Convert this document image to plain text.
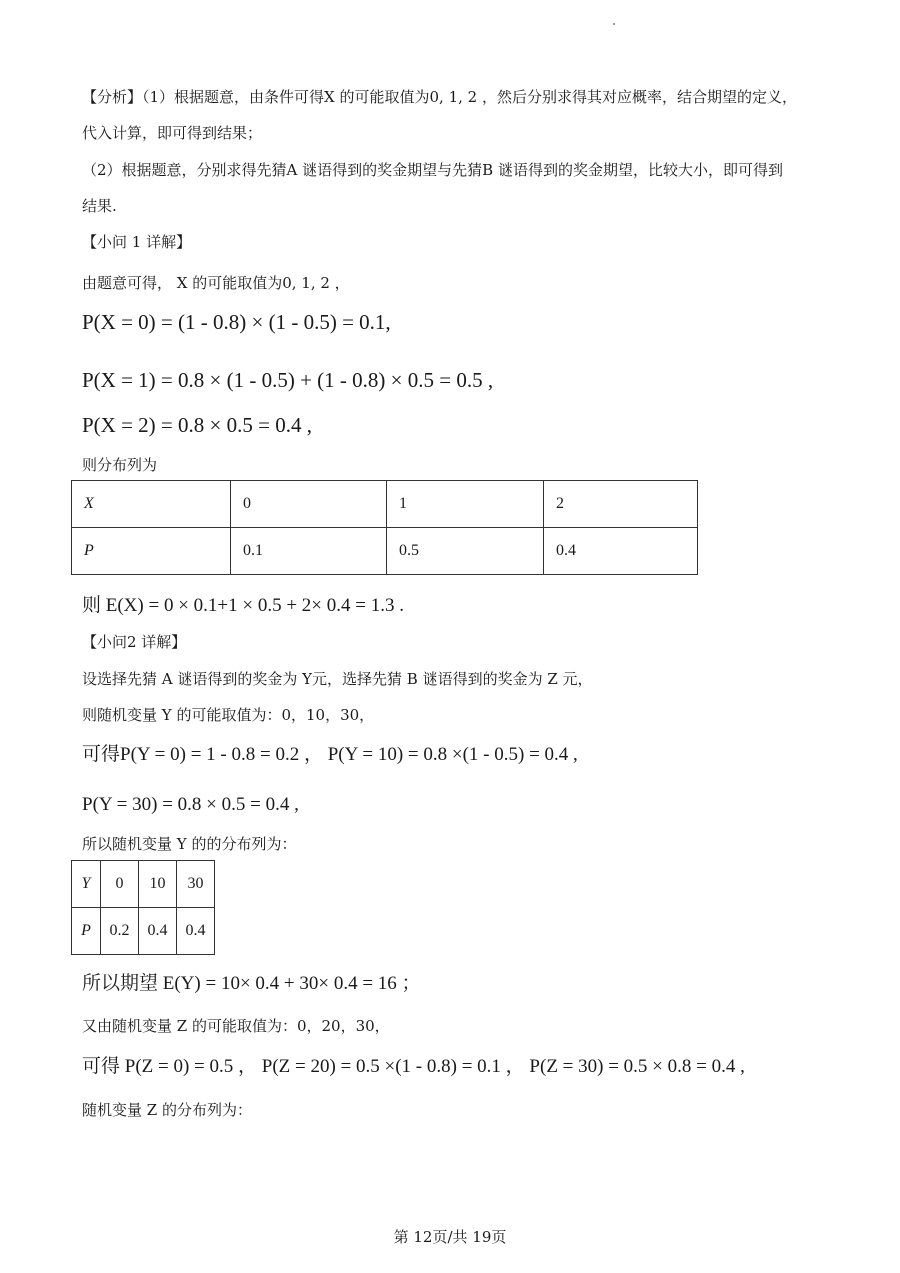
【分析】（1）根据题意，由条件可得X 的可能取值为0, 1, 2 ，然后分别求得其对应概率，结合期望的定义，
代入计算，即可得到结果；
（2）根据题意，分别求得先猜A 谜语得到的奖金期望与先猜B 谜语得到的奖金期望，比较大小，即可得到
结果.
【小问 1 详解】
由题意可得， X 的可能取值为0, 1, 2 ，
P(X = 0) = (1 - 0.8) × (1 - 0.5) = 0.1,
P(X = 1) = 0.8 × (1 - 0.5) + (1 - 0.8) × 0.5 = 0.5 ,
P(X = 2) = 0.8 × 0.5 = 0.4 ,
则分布列为
X	0	1	2
P	0.1	0.5	0.4
则 E(X) = 0 × 0.1+1 × 0.5 + 2× 0.4 = 1.3 .
【小问2 详解】
设选择先猜 A 谜语得到的奖金为 Y元，选择先猜 B 谜语得到的奖金为 Z 元，
则随机变量 Y 的可能取值为：0，10，30，
可得P(Y = 0) = 1 - 0.8 = 0.2 ， P(Y = 10) = 0.8 ×(1 - 0.5) = 0.4 ,
P(Y = 30) = 0.8 × 0.5 = 0.4 ,
所以随机变量 Y 的的分布列为：
Y	0	10	30
P	0.2	0.4	0.4
所以期望 E(Y) = 10× 0.4 + 30× 0.4 = 16 ；
又由随机变量 Z 的可能取值为：0，20，30，
可得 P(Z = 0) = 0.5 ， P(Z = 20) = 0.5 ×(1 - 0.8) = 0.1 ， P(Z = 30) = 0.5 × 0.8 = 0.4 ,
随机变量 Z 的分布列为：
第 12页/共 19页
